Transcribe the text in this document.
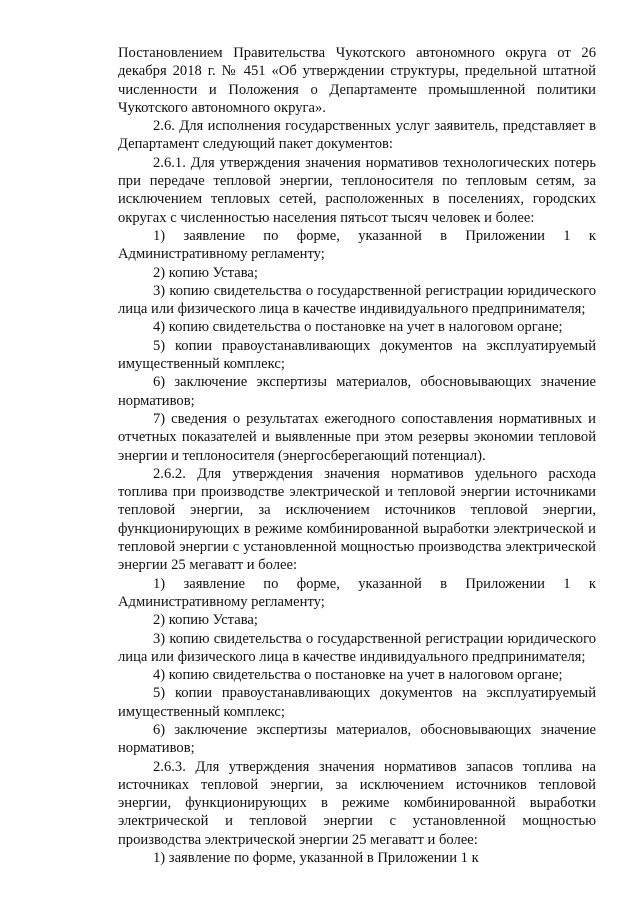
Постановлением Правительства Чукотского автономного округа от 26 декабря 2018 г. № 451 «Об утверждении структуры, предельной штатной численности и Положения о Департаменте промышленной политики Чукотского автономного округа».

2.6. Для исполнения государственных услуг заявитель, представляет в Департамент следующий пакет документов:

2.6.1. Для утверждения значения нормативов технологических потерь при передаче тепловой энергии, теплоносителя по тепловым сетям, за исключением тепловых сетей, расположенных в поселениях, городских округах с численностью населения пятьсот тысяч человек и более:

1) заявление по форме, указанной в Приложении 1 к Административному регламенту;

2) копию Устава;

3) копию свидетельства о государственной регистрации юридического лица или физического лица в качестве индивидуального предпринимателя;

4) копию свидетельства о постановке на учет в налоговом органе;

5) копии правоустанавливающих документов на эксплуатируемый имущественный комплекс;

6) заключение экспертизы материалов, обосновывающих значение нормативов;

7) сведения о результатах ежегодного сопоставления нормативных и отчетных показателей и выявленные при этом резервы экономии тепловой энергии и теплоносителя (энергосберегающий потенциал).

2.6.2. Для утверждения значения нормативов удельного расхода топлива при производстве электрической и тепловой энергии источниками тепловой энергии, за исключением источников тепловой энергии, функционирующих в режиме комбинированной выработки электрической и тепловой энергии с установленной мощностью производства электрической энергии 25 мегаватт и более:

1) заявление по форме, указанной в Приложении 1 к Административному регламенту;

2) копию Устава;

3) копию свидетельства о государственной регистрации юридического лица или физического лица в качестве индивидуального предпринимателя;

4) копию свидетельства о постановке на учет в налоговом органе;

5) копии правоустанавливающих документов на эксплуатируемый имущественный комплекс;

6) заключение экспертизы материалов, обосновывающих значение нормативов;

2.6.3. Для утверждения значения нормативов запасов топлива на источниках тепловой энергии, за исключением источников тепловой энергии, функционирующих в режиме комбинированной выработки электрической и тепловой энергии с установленной мощностью производства электрической энергии 25 мегаватт и более:

1) заявление по форме, указанной в Приложении 1 к
